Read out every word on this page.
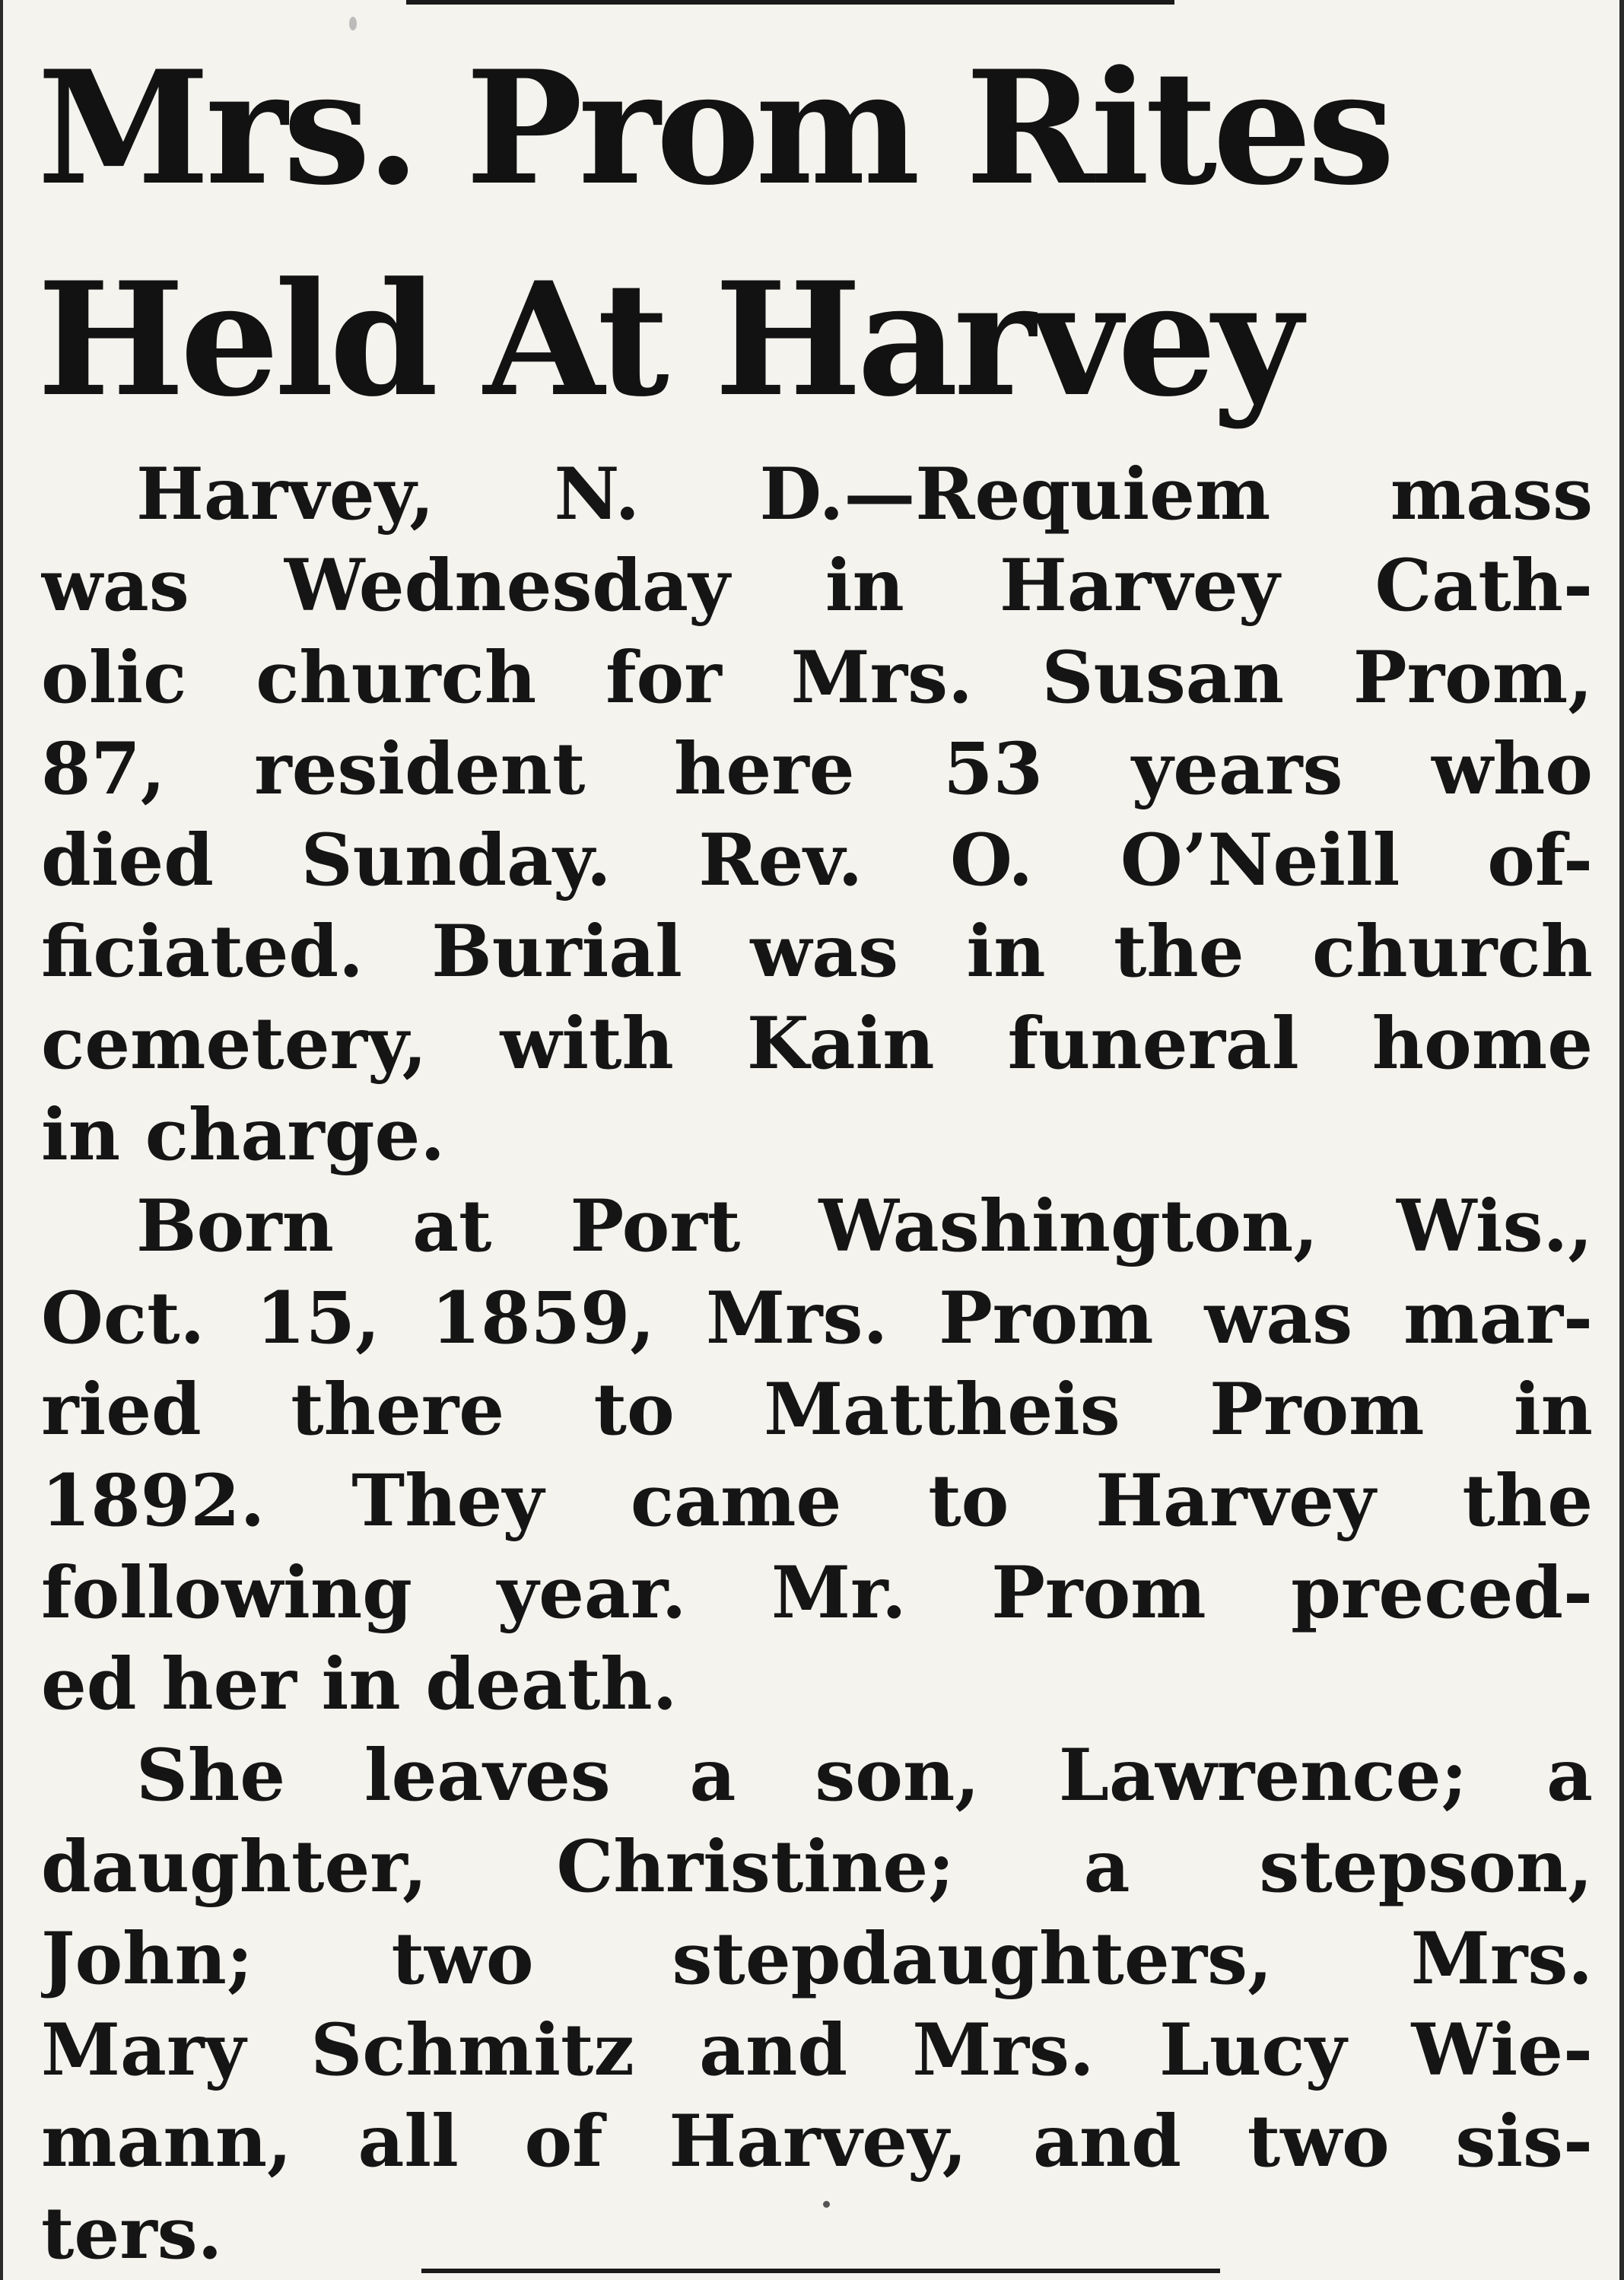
Mrs. Prom Rites
Held At Harvey

Harvey, N. D.—Requiem mass
was Wednesday in Harvey Cath-
olic church for Mrs. Susan Prom,
87, resident here 53 years who
died Sunday. Rev. O. O’Neill of-
ficiated. Burial was in the church
cemetery, with Kain funeral home
in charge.

Born at Port Washington, Wis.,
Oct. 15, 1859, Mrs. Prom was mar-
ried there to Mattheis Prom in
1892. They came to Harvey the
following year. Mr. Prom preced-
ed her in death.

She leaves a son, Lawrence; a
daughter, Christine; a stepson,
John; two stepdaughters, Mrs.
Mary Schmitz and Mrs. Lucy Wie-
mann, all of Harvey, and two sis-
ters.
